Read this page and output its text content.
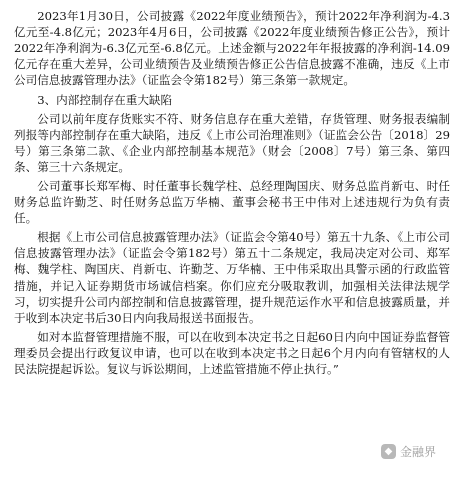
2023年1月30日，公司披露《2022年度业绩预告》，预计2022年净利润为-4.3亿元至-4.8亿元；2023年4月6日，公司披露《2022年度业绩预告修正公告》，预计2022年净利润为-6.3亿元至-6.8亿元。上述金额与2022年年报披露的净利润-14.09亿元存在重大差异，公司业绩预告及业绩预告修正公告信息披露不准确，违反《上市公司信息披露管理办法》（证监会令第182号）第三条第一款规定。

3、内部控制存在重大缺陷

公司以前年度存货账实不符、财务信息存在重大差错，存货管理、财务报表编制列报等内部控制存在重大缺陷，违反《上市公司治理准则》（证监会公告〔2018〕29号）第三条第二款、《企业内部控制基本规范》（财会〔2008〕7号）第三条、第四条、第三十六条规定。

公司董事长郑军梅、时任董事长魏学柱、总经理陶国庆、财务总监肖新屯、时任财务总监许勤芝、时任财务总监万华楠、董事会秘书王中伟对上述违规行为负有责任。

根据《上市公司信息披露管理办法》（证监会令第40号）第五十九条、《上市公司信息披露管理办法》（证监会令第182号）第五十二条规定，我局决定对公司、郑军梅、魏学柱、陶国庆、肖新屯、许勤芝、万华楠、王中伟采取出具警示函的行政监管措施，并记入证券期货市场诚信档案。你们应充分吸取教训，加强相关法律法规学习，切实提升公司内部控制和信息披露管理，提升规范运作水平和信息披露质量，并于收到本决定书后30日内向我局报送书面报告。

如对本监督管理措施不服，可以在收到本决定书之日起60日内向中国证券监督管理委员会提出行政复议申请，也可以在收到本决定书之日起6个月内向有管辖权的人民法院提起诉讼。复议与诉讼期间，上述监管措施不停止执行。”

◆ 金融界
